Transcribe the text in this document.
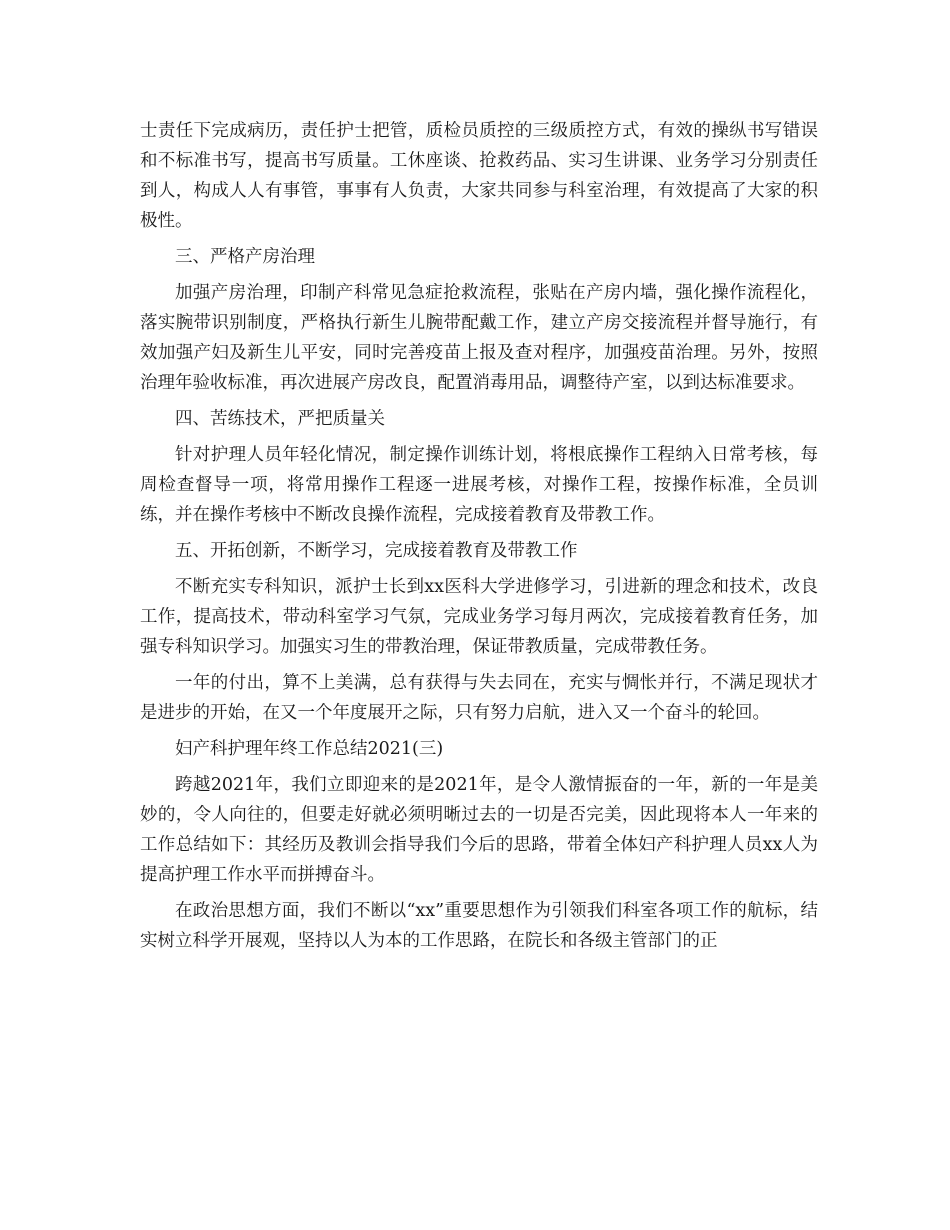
士责任下完成病历，责任护士把管，质检员质控的三级质控方式，有效的操纵书写错误和不标准书写，提高书写质量。工休座谈、抢救药品、实习生讲课、业务学习分别责任到人，构成人人有事管，事事有人负责，大家共同参与科室治理，有效提高了大家的积极性。

三、严格产房治理

加强产房治理，印制产科常见急症抢救流程，张贴在产房内墙，强化操作流程化，落实腕带识别制度，严格执行新生儿腕带配戴工作，建立产房交接流程并督导施行，有效加强产妇及新生儿平安，同时完善疫苗上报及查对程序，加强疫苗治理。另外，按照治理年验收标准，再次进展产房改良，配置消毒用品，调整待产室，以到达标准要求。

四、苦练技术，严把质量关

针对护理人员年轻化情况，制定操作训练计划，将根底操作工程纳入日常考核，每周检查督导一项，将常用操作工程逐一进展考核，对操作工程，按操作标准，全员训练，并在操作考核中不断改良操作流程，完成接着教育及带教工作。

五、开拓创新，不断学习，完成接着教育及带教工作

不断充实专科知识，派护士长到xx医科大学进修学习，引进新的理念和技术，改良工作，提高技术，带动科室学习气氛，完成业务学习每月两次，完成接着教育任务，加强专科知识学习。加强实习生的带教治理，保证带教质量，完成带教任务。

一年的付出，算不上美满，总有获得与失去同在，充实与惆怅并行，不满足现状才是进步的开始，在又一个年度展开之际，只有努力启航，进入又一个奋斗的轮回。

妇产科护理年终工作总结2021(三)

跨越2021年，我们立即迎来的是2021年，是令人激情振奋的一年，新的一年是美妙的，令人向往的，但要走好就必须明晰过去的一切是否完美，因此现将本人一年来的工作总结如下：其经历及教训会指导我们今后的思路，带着全体妇产科护理人员xx人为提高护理工作水平而拼搏奋斗。

在政治思想方面，我们不断以“xx”重要思想作为引领我们科室各项工作的航标，结实树立科学开展观，坚持以人为本的工作思路，在院长和各级主管部门的正
